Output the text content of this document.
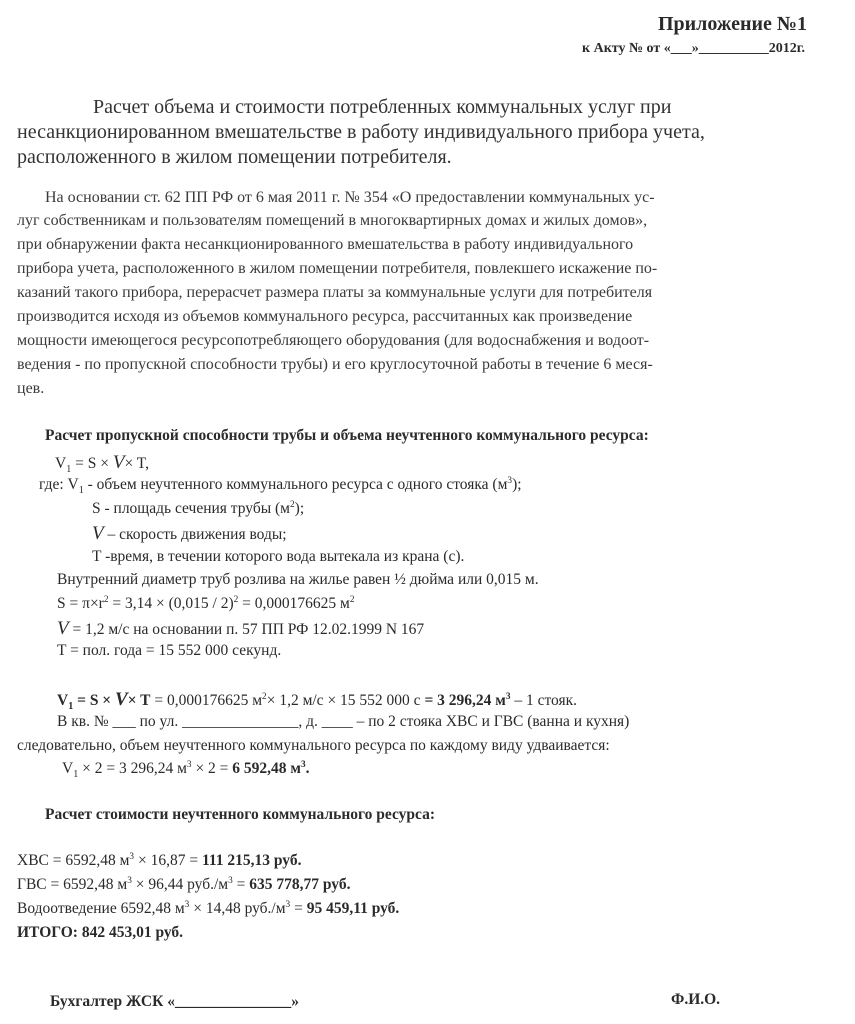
Приложение №1
к Акту № от «___»__________2012г.
Расчет объема и стоимости потребленных коммунальных услуг при
несанкционированном вмешательстве в работу индивидуального прибора учета,
расположенного в жилом помещении потребителя.
На основании ст. 62 ПП РФ от 6 мая 2011 г. № 354 «О предоставлении коммунальных ус-
луг собственникам и пользователям помещений в многоквартирных домах и жилых домов»,
при обнаружении факта несанкционированного вмешательства в работу индивидуального
прибора учета, расположенного в жилом помещении потребителя, повлекшего искажение по-
казаний такого прибора, перерасчет размера платы за коммунальные услуги для потребителя
производится исходя из объемов коммунального ресурса, рассчитанных как произведение
мощности имеющегося ресурсопотребляющего оборудования (для водоснабжения и водоот-
ведения - по пропускной способности трубы) и его круглосуточной работы в течение 6 меся-
цев.
Расчет пропускной способности трубы и объема неучтенного коммунального ресурса:
$V_1 = S \times V\times T$,
где: $V_1$ - объем неучтенного коммунального ресурса с одного стояка $(м^3)$;
S - площадь сечения трубы $(м^2)$;
V – скорость движения воды;
T -время, в течении которого вода вытекала из крана (с).
Внутренний диаметр труб розлива на жилье равен ½ дюйма или 0,015 м.
$S = \pi\times r^2 = 3,14 \times (0,015 / 2)^2 = 0,000176625$ $м^2$
V = 1,2 м/с на основании п. 57 ПП РФ 12.02.1999 N 167
T = пол. года = 15 552 000 секунд.
$V_1 = S \times V\times T = 0,000176625$ $м^2\times 1,2$ м/с × 15 552 000 с = 3 296,24 $м^3 - 1$ стояк.
В кв. № ___ по ул. _______________, д. ____ – по 2 стояка ХВС и ГВС (ванна и кухня)
следовательно, объем неучтенного коммунального ресурса по каждому виду удваивается:
$V_1 \times 2 = 3$ 296,24 $м^3 \times 2 = 6$ 592,48 $м^3$.
Расчет стоимости неучтенного коммунального ресурса:
ХВС = 6592,48 $м^3 \times 16,87 = 111$ 215,13 руб.
ГВС = 6592,48 $м^3 \times 96,44$ $руб./м^3 = 635$ 778,77 руб.
Водоотведение 6592,48 $м^3 \times 14,48$ $руб./м^3 = 95$ 459,11 руб.
ИТОГО: 842 453,01 руб.
Бухгалтер ЖСК «_______________»	Ф.И.О.
